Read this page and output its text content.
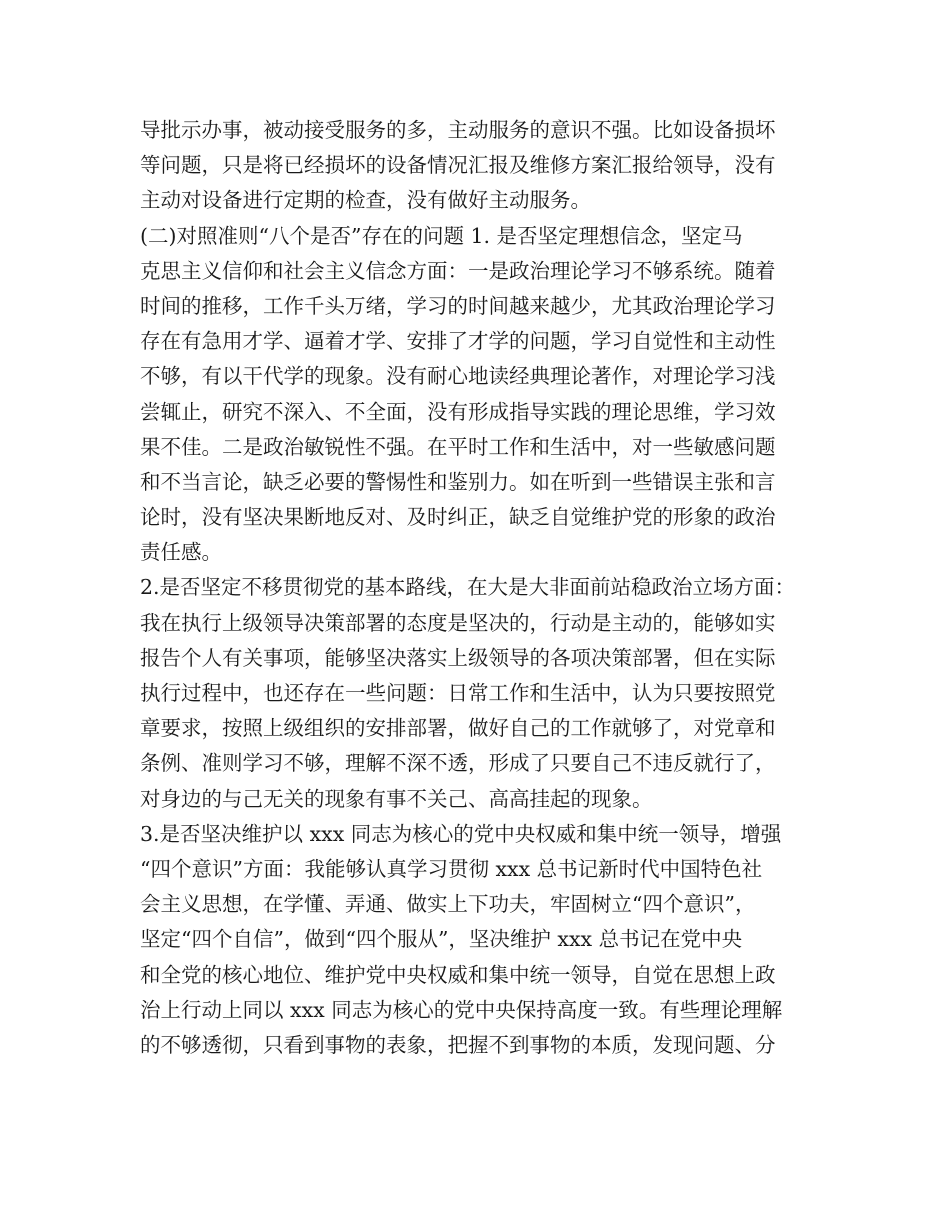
导批示办事，被动接受服务的多，主动服务的意识不强。比如设备损坏
等问题，只是将已经损坏的设备情况汇报及维修方案汇报给领导，没有
主动对设备进行定期的检查，没有做好主动服务。
(二)对照准则“八个是否”存在的问题 1. 是否坚定理想信念，坚定马
克思主义信仰和社会主义信念方面：一是政治理论学习不够系统。随着
时间的推移，工作千头万绪，学习的时间越来越少，尤其政治理论学习
存在有急用才学、逼着才学、安排了才学的问题，学习自觉性和主动性
不够，有以干代学的现象。没有耐心地读经典理论著作，对理论学习浅
尝辄止，研究不深入、不全面，没有形成指导实践的理论思维，学习效
果不佳。二是政治敏锐性不强。在平时工作和生活中，对一些敏感问题
和不当言论，缺乏必要的警惕性和鉴别力。如在听到一些错误主张和言
论时，没有坚决果断地反对、及时纠正，缺乏自觉维护党的形象的政治
责任感。
2.是否坚定不移贯彻党的基本路线，在大是大非面前站稳政治立场方面：
我在执行上级领导决策部署的态度是坚决的，行动是主动的，能够如实
报告个人有关事项，能够坚决落实上级领导的各项决策部署，但在实际
执行过程中，也还存在一些问题：日常工作和生活中，认为只要按照党
章要求，按照上级组织的安排部署，做好自己的工作就够了，对党章和
条例、准则学习不够，理解不深不透，形成了只要自己不违反就行了，
对身边的与己无关的现象有事不关己、高高挂起的现象。
3.是否坚决维护以 xxx 同志为核心的党中央权威和集中统一领导，增强
“四个意识”方面：我能够认真学习贯彻 xxx 总书记新时代中国特色社
会主义思想，在学懂、弄通、做实上下功夫，牢固树立“四个意识”，
坚定“四个自信”，做到“四个服从”，坚决维护 xxx 总书记在党中央
和全党的核心地位、维护党中央权威和集中统一领导，自觉在思想上政
治上行动上同以 xxx 同志为核心的党中央保持高度一致。有些理论理解
的不够透彻，只看到事物的表象，把握不到事物的本质，发现问题、分
